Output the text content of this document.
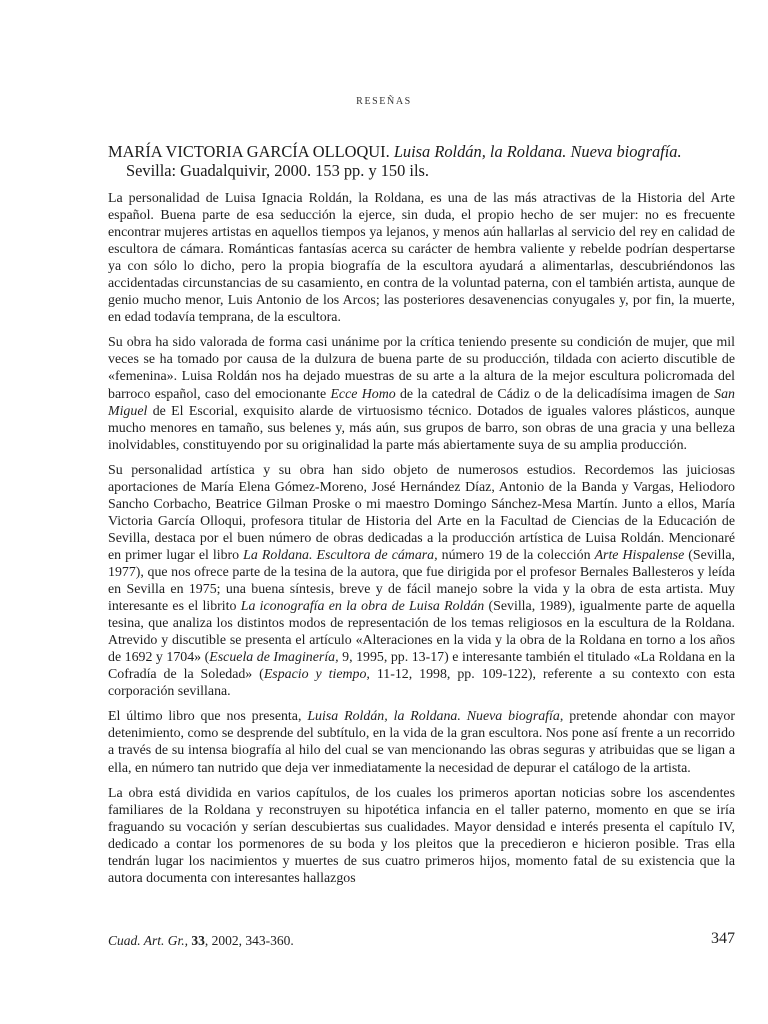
RESEÑAS
MARÍA VICTORIA GARCÍA OLLOQUI. Luisa Roldán, la Roldana. Nueva biografía.
Sevilla: Guadalquivir, 2000. 153 pp. y 150 ils.

La personalidad de Luisa Ignacia Roldán, la Roldana, es una de las más atractivas de la Historia del Arte español. Buena parte de esa seducción la ejerce, sin duda, el propio hecho de ser mujer: no es frecuente encontrar mujeres artistas en aquellos tiempos ya lejanos, y menos aún hallarlas al servicio del rey en calidad de escultora de cámara. Románticas fantasías acerca su carácter de hembra valiente y rebelde podrían despertarse ya con sólo lo dicho, pero la propia biografía de la escultora ayudará a alimentarlas, descubriéndonos las accidentadas circunstancias de su casamiento, en contra de la voluntad paterna, con el también artista, aunque de genio mucho menor, Luis Antonio de los Arcos; las posteriores desavenencias conyugales y, por fin, la muerte, en edad todavía temprana, de la escultora.

Su obra ha sido valorada de forma casi unánime por la crítica teniendo presente su condición de mujer, que mil veces se ha tomado por causa de la dulzura de buena parte de su producción, tildada con acierto discutible de «femenina». Luisa Roldán nos ha dejado muestras de su arte a la altura de la mejor escultura policromada del barroco español, caso del emocionante Ecce Homo de la catedral de Cádiz o de la delicadísima imagen de San Miguel de El Escorial, exquisito alarde de virtuosismo técnico. Dotados de iguales valores plásticos, aunque mucho menores en tamaño, sus belenes y, más aún, sus grupos de barro, son obras de una gracia y una belleza inolvidables, constituyendo por su originalidad la parte más abiertamente suya de su amplia producción.

Su personalidad artística y su obra han sido objeto de numerosos estudios. Recordemos las juiciosas aportaciones de María Elena Gómez-Moreno, José Hernández Díaz, Antonio de la Banda y Vargas, Heliodoro Sancho Corbacho, Beatrice Gilman Proske o mi maestro Domingo Sánchez-Mesa Martín. Junto a ellos, María Victoria García Olloqui, profesora titular de Historia del Arte en la Facultad de Ciencias de la Educación de Sevilla, destaca por el buen número de obras dedicadas a la producción artística de Luisa Roldán. Mencionaré en primer lugar el libro La Roldana. Escultora de cámara, número 19 de la colección Arte Hispalense (Sevilla, 1977), que nos ofrece parte de la tesina de la autora, que fue dirigida por el profesor Bernales Ballesteros y leída en Sevilla en 1975; una buena síntesis, breve y de fácil manejo sobre la vida y la obra de esta artista. Muy interesante es el librito La iconografía en la obra de Luisa Roldán (Sevilla, 1989), igualmente parte de aquella tesina, que analiza los distintos modos de representación de los temas religiosos en la escultura de la Roldana. Atrevido y discutible se presenta el artículo «Alteraciones en la vida y la obra de la Roldana en torno a los años de 1692 y 1704» (Escuela de Imaginería, 9, 1995, pp. 13-17) e interesante también el titulado «La Roldana en la Cofradía de la Soledad» (Espacio y tiempo, 11-12, 1998, pp. 109-122), referente a su contexto con esta corporación sevillana.

El último libro que nos presenta, Luisa Roldán, la Roldana. Nueva biografía, pretende ahondar con mayor detenimiento, como se desprende del subtítulo, en la vida de la gran escultora. Nos pone así frente a un recorrido a través de su intensa biografía al hilo del cual se van mencionando las obras seguras y atribuidas que se ligan a ella, en número tan nutrido que deja ver inmediatamente la necesidad de depurar el catálogo de la artista.

La obra está dividida en varios capítulos, de los cuales los primeros aportan noticias sobre los ascendentes familiares de la Roldana y reconstruyen su hipotética infancia en el taller paterno, momento en que se iría fraguando su vocación y serían descubiertas sus cualidades. Mayor densidad e interés presenta el capítulo IV, dedicado a contar los pormenores de su boda y los pleitos que la precedieron e hicieron posible. Tras ella tendrán lugar los nacimientos y muertes de sus cuatro primeros hijos, momento fatal de su existencia que la autora documenta con interesantes hallazgos

Cuad. Art. Gr., 33, 2002, 343-360.	347
